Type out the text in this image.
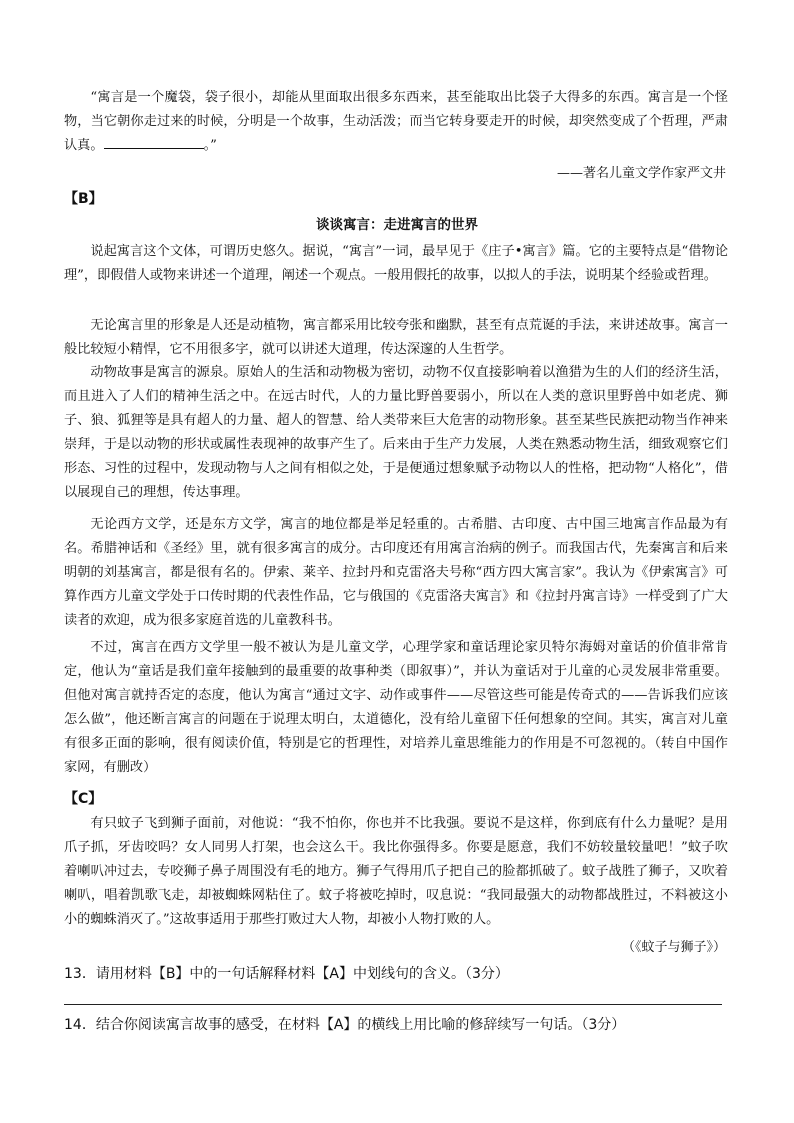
“寓言是一个魔袋，袋子很小，却能从里面取出很多东西来，甚至能取出比袋子大得多的东西。寓言是一个怪物，当它朝你走过来的时候，分明是一个故事，生动活泼；而当它转身要走开的时候，却突然变成了个哲理，严肃认真。	。”

——著名儿童文学作家严文井
【B】
谈谈寓言：走进寓言的世界

说起寓言这个文体，可谓历史悠久。据说，“寓言”一词，最早见于《庄子•寓言》篇。它的主要特点是“借物论理”，即假借人或物来讲述一个道理，阐述一个观点。一般用假托的故事，以拟人的手法，说明某个经验或哲理。

无论寓言里的形象是人还是动植物，寓言都采用比较夸张和幽默，甚至有点荒诞的手法，来讲述故事。寓言一般比较短小精悍，它不用很多字，就可以讲述大道理，传达深邃的人生哲学。

动物故事是寓言的源泉。原始人的生活和动物极为密切，动物不仅直接影响着以渔猎为生的人们的经济生活，而且进入了人们的精神生活之中。在远古时代，人的力量比野兽要弱小，所以在人类的意识里野兽中如老虎、狮子、狼、狐狸等是具有超人的力量、超人的智慧、给人类带来巨大危害的动物形象。甚至某些民族把动物当作神来崇拜，于是以动物的形状或属性表现神的故事产生了。后来由于生产力发展，人类在熟悉动物生活，细致观察它们形态、习性的过程中，发现动物与人之间有相似之处，于是便通过想象赋予动物以人的性格，把动物“人格化”，借以展现自己的理想，传达事理。

无论西方文学，还是东方文学，寓言的地位都是举足轻重的。古希腊、古印度、古中国三地寓言作品最为有名。希腊神话和《圣经》里，就有很多寓言的成分。古印度还有用寓言治病的例子。而我国古代，先秦寓言和后来明朝的刘基寓言，都是很有名的。伊索、莱辛、拉封丹和克雷洛夫号称“西方四大寓言家”。我认为《伊索寓言》可算作西方儿童文学处于口传时期的代表性作品，它与俄国的《克雷洛夫寓言》和《拉封丹寓言诗》一样受到了广大读者的欢迎，成为很多家庭首选的儿童教科书。

不过，寓言在西方文学里一般不被认为是儿童文学，心理学家和童话理论家贝特尔海姆对童话的价值非常肯定，他认为“童话是我们童年接触到的最重要的故事种类（即叙事）”，并认为童话对于儿童的心灵发展非常重要。但他对寓言就持否定的态度，他认为寓言“通过文字、动作或事件——尽管这些可能是传奇式的——告诉我们应该怎么做”，他还断言寓言的问题在于说理太明白，太道德化，没有给儿童留下任何想象的空间。其实，寓言对儿童有很多正面的影响，很有阅读价值，特别是它的哲理性，对培养儿童思维能力的作用是不可忽视的。（转自中国作家网，有删改）

【C】

有只蚊子飞到狮子面前，对他说：“我不怕你，你也并不比我强。要说不是这样，你到底有什么力量呢？是用爪子抓，牙齿咬吗？女人同男人打架，也会这么干。我比你强得多。你要是愿意，我们不妨较量较量吧！”蚊子吹着喇叭冲过去，专咬狮子鼻子周围没有毛的地方。狮子气得用爪子把自己的脸都抓破了。蚊子战胜了狮子，又吹着喇叭，唱着凯歌飞走，却被蜘蛛网粘住了。蚊子将被吃掉时，叹息说：“我同最强大的动物都战胜过，不料被这小小的蜘蛛消灭了。”这故事适用于那些打败过大人物，却被小人物打败的人。

（《蚊子与狮子》）
13．请用材料【B】中的一句话解释材料【A】中划线句的含义。（3分）
14．结合你阅读寓言故事的感受，在材料【A】的横线上用比喻的修辞续写一句话。（3分）
